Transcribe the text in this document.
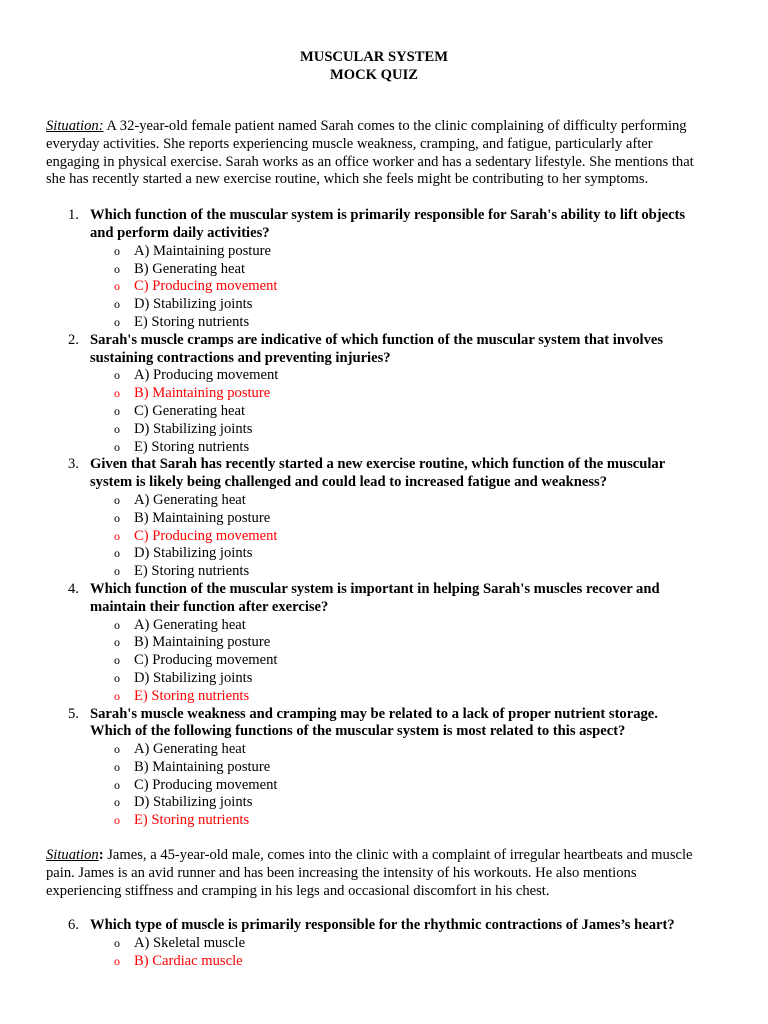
MUSCULAR SYSTEM

MOCK QUIZ

Situation: A 32-year-old female patient named Sarah comes to the clinic complaining of difficulty performing everyday activities. She reports experiencing muscle weakness, cramping, and fatigue, particularly after engaging in physical exercise. Sarah works as an office worker and has a sedentary lifestyle. She mentions that she has recently started a new exercise routine, which she feels might be contributing to her symptoms.

1. Which function of the muscular system is primarily responsible for Sarah's ability to lift objects and perform daily activities?
o A) Maintaining posture
o B) Generating heat
o C) Producing movement
o D) Stabilizing joints
o E) Storing nutrients
2. Sarah's muscle cramps are indicative of which function of the muscular system that involves sustaining contractions and preventing injuries?
o A) Producing movement
o B) Maintaining posture
o C) Generating heat
o D) Stabilizing joints
o E) Storing nutrients
3. Given that Sarah has recently started a new exercise routine, which function of the muscular system is likely being challenged and could lead to increased fatigue and weakness?
o A) Generating heat
o B) Maintaining posture
o C) Producing movement
o D) Stabilizing joints
o E) Storing nutrients
4. Which function of the muscular system is important in helping Sarah's muscles recover and maintain their function after exercise?
o A) Generating heat
o B) Maintaining posture
o C) Producing movement
o D) Stabilizing joints
o E) Storing nutrients
5. Sarah's muscle weakness and cramping may be related to a lack of proper nutrient storage. Which of the following functions of the muscular system is most related to this aspect?
o A) Generating heat
o B) Maintaining posture
o C) Producing movement
o D) Stabilizing joints
o E) Storing nutrients

Situation: James, a 45-year-old male, comes into the clinic with a complaint of irregular heartbeats and muscle pain. James is an avid runner and has been increasing the intensity of his workouts. He also mentions experiencing stiffness and cramping in his legs and occasional discomfort in his chest.

6. Which type of muscle is primarily responsible for the rhythmic contractions of James’s heart?
o A) Skeletal muscle
o B) Cardiac muscle
